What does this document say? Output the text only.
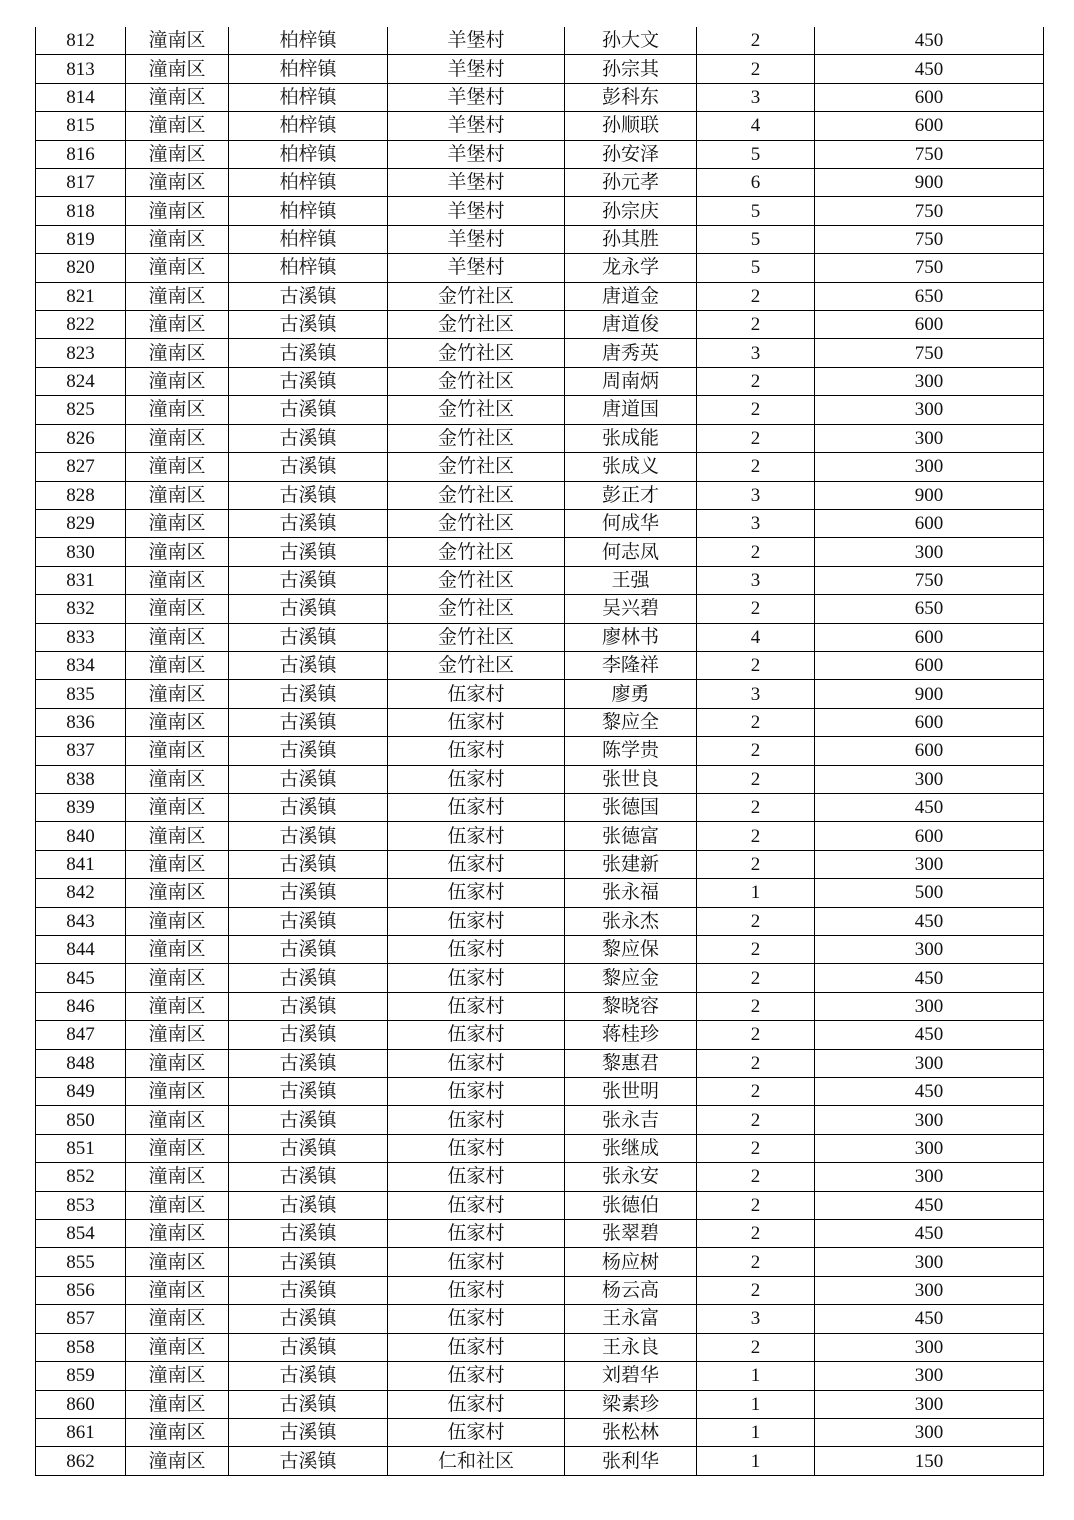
812	潼南区	柏梓镇	羊堡村	孙大文	2	450
813	潼南区	柏梓镇	羊堡村	孙宗其	2	450
814	潼南区	柏梓镇	羊堡村	彭科东	3	600
815	潼南区	柏梓镇	羊堡村	孙顺联	4	600
816	潼南区	柏梓镇	羊堡村	孙安泽	5	750
817	潼南区	柏梓镇	羊堡村	孙元孝	6	900
818	潼南区	柏梓镇	羊堡村	孙宗庆	5	750
819	潼南区	柏梓镇	羊堡村	孙其胜	5	750
820	潼南区	柏梓镇	羊堡村	龙永学	5	750
821	潼南区	古溪镇	金竹社区	唐道金	2	650
822	潼南区	古溪镇	金竹社区	唐道俊	2	600
823	潼南区	古溪镇	金竹社区	唐秀英	3	750
824	潼南区	古溪镇	金竹社区	周南炳	2	300
825	潼南区	古溪镇	金竹社区	唐道国	2	300
826	潼南区	古溪镇	金竹社区	张成能	2	300
827	潼南区	古溪镇	金竹社区	张成义	2	300
828	潼南区	古溪镇	金竹社区	彭正才	3	900
829	潼南区	古溪镇	金竹社区	何成华	3	600
830	潼南区	古溪镇	金竹社区	何志凤	2	300
831	潼南区	古溪镇	金竹社区	王强	3	750
832	潼南区	古溪镇	金竹社区	吴兴碧	2	650
833	潼南区	古溪镇	金竹社区	廖林书	4	600
834	潼南区	古溪镇	金竹社区	李隆祥	2	600
835	潼南区	古溪镇	伍家村	廖勇	3	900
836	潼南区	古溪镇	伍家村	黎应全	2	600
837	潼南区	古溪镇	伍家村	陈学贵	2	600
838	潼南区	古溪镇	伍家村	张世良	2	300
839	潼南区	古溪镇	伍家村	张德国	2	450
840	潼南区	古溪镇	伍家村	张德富	2	600
841	潼南区	古溪镇	伍家村	张建新	2	300
842	潼南区	古溪镇	伍家村	张永福	1	500
843	潼南区	古溪镇	伍家村	张永杰	2	450
844	潼南区	古溪镇	伍家村	黎应保	2	300
845	潼南区	古溪镇	伍家村	黎应金	2	450
846	潼南区	古溪镇	伍家村	黎晓容	2	300
847	潼南区	古溪镇	伍家村	蒋桂珍	2	450
848	潼南区	古溪镇	伍家村	黎惠君	2	300
849	潼南区	古溪镇	伍家村	张世明	2	450
850	潼南区	古溪镇	伍家村	张永吉	2	300
851	潼南区	古溪镇	伍家村	张继成	2	300
852	潼南区	古溪镇	伍家村	张永安	2	300
853	潼南区	古溪镇	伍家村	张德伯	2	450
854	潼南区	古溪镇	伍家村	张翠碧	2	450
855	潼南区	古溪镇	伍家村	杨应树	2	300
856	潼南区	古溪镇	伍家村	杨云高	2	300
857	潼南区	古溪镇	伍家村	王永富	3	450
858	潼南区	古溪镇	伍家村	王永良	2	300
859	潼南区	古溪镇	伍家村	刘碧华	1	300
860	潼南区	古溪镇	伍家村	梁素珍	1	300
861	潼南区	古溪镇	伍家村	张松林	1	300
862	潼南区	古溪镇	仁和社区	张利华	1	150
